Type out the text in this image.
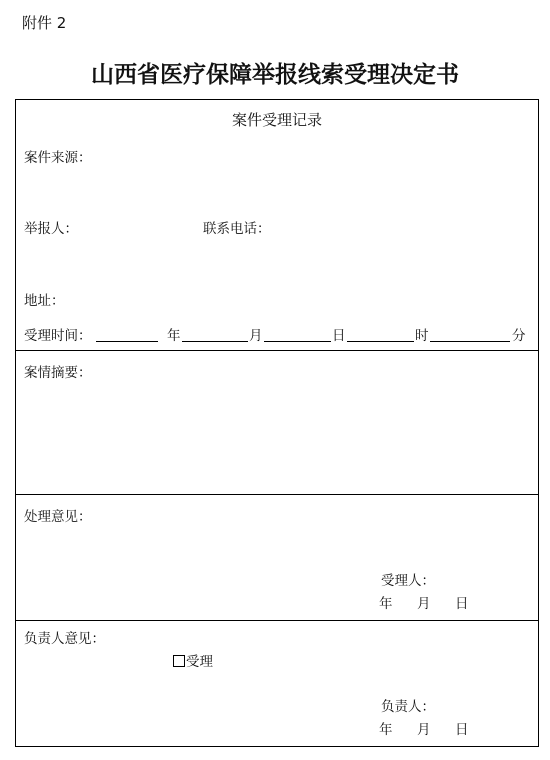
附件 2
山西省医疗保障举报线索受理决定书
案件受理记录
案件来源：
举报人：	联系电话：
地址：
受理时间：	年	月	日	时	分
案情摘要：
处理意见：
受理人：
年 月 日
负责人意见：
受理
负责人：
年 月 日
